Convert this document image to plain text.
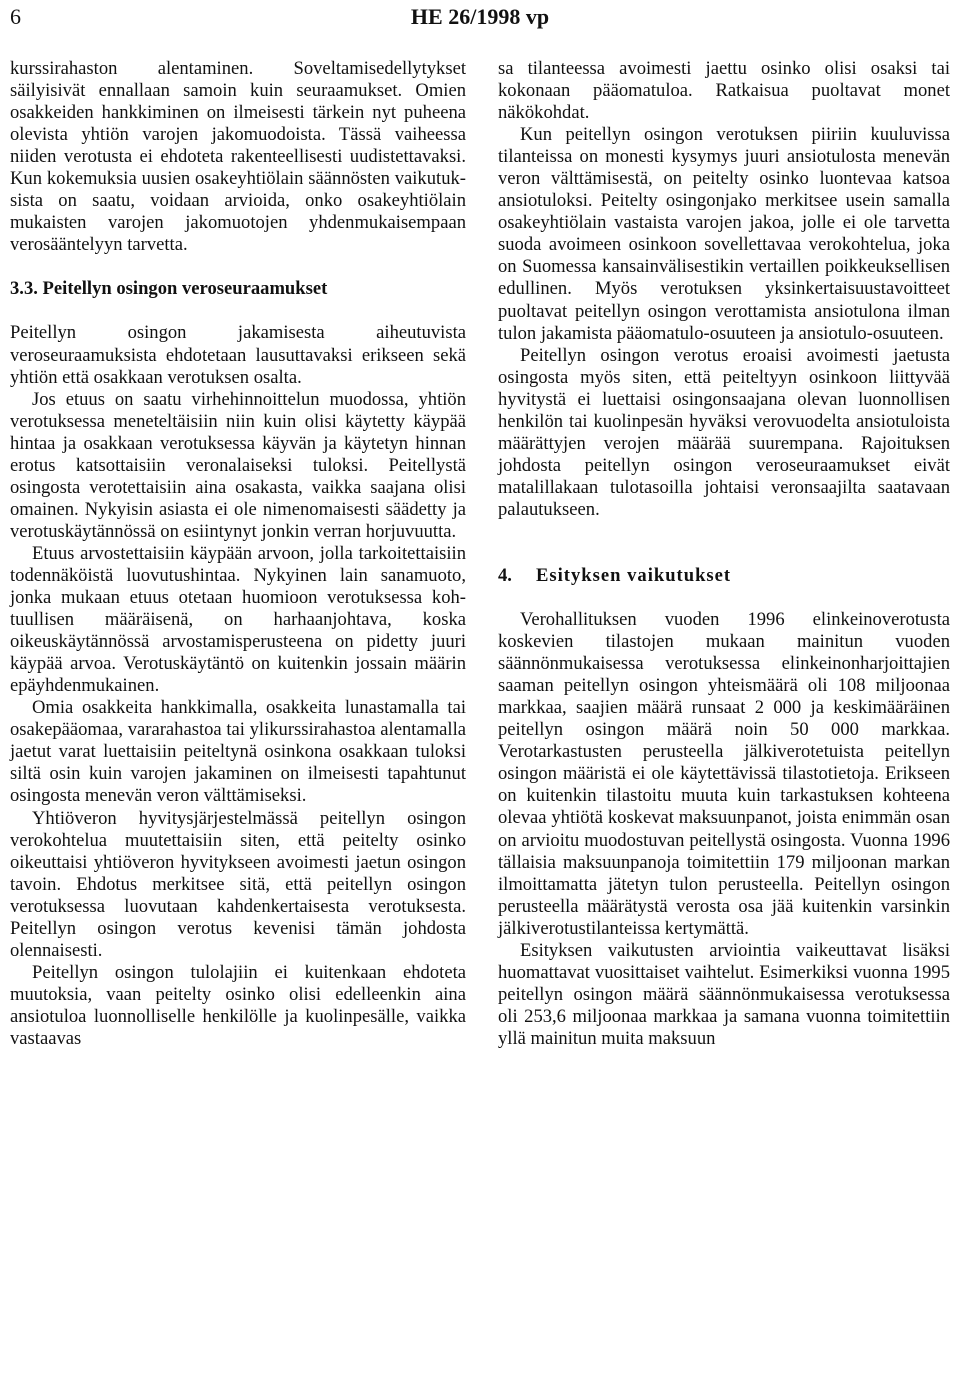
6	HE 26/1998 vp

kurssirahaston alentaminen. Soveltamisedellytykset säilyisivät ennallaan samoin kuin seuraamukset. Omien osakkeiden hankkiminen on ilmeisesti tärkein nyt puheena olevista yhtiön varojen jakomuodoista. Tässä vaiheessa niiden verotusta ei ehdoteta rakenteellisesti uudistettavaksi. Kun kokemuksia uusien osakeyhtiölain säännösten vaikutuksista on saatu, voidaan arvioida, onko osakeyhtiölain mukaisten varojen jakomuotojen yhdenmukaisempaan verosääntelyyn tarvetta.

3.3. Peitellyn osingon veroseuraamukset

Peitellyn osingon jakamisesta aiheutuvista veroseuraamuksista ehdotetaan lausuttavaksi erikseen sekä yhtiön että osakkaan verotuksen osalta.

Jos etuus on saatu virhehinnoittelun muodossa, yhtiön verotuksessa meneteltäisiin niin kuin olisi käytetty käypää hintaa ja osakkaan verotuksessa käyvän ja käytetyn hinnan erotus katsottaisiin veronalaiseksi tuloksi. Peitellystä osingosta verotettaisiin aina osakasta, vaikka saajana olisi omainen. Nykyisin asiasta ei ole nimenomaisesti säädetty ja verotuskäytännössä on esiintynyt jonkin verran horjuvuutta.

Etuus arvostettaisiin käypään arvoon, jolla tarkoitettaisiin todennäköistä luovutushintaa. Nykyinen lain sanamuoto, jonka mukaan etuus otetaan huomioon verotuksessa kohtuullisen määräisenä, on harhaanjohtava, koska oikeuskäytännössä arvostamisperusteena on pidetty juuri käypää arvoa. Verotuskäytäntö on kuitenkin jossain määrin epäyhdenmukainen.

Omia osakkeita hankkimalla, osakkeita lunastamalla tai osakepääomaa, vararahastoa tai ylikurssirahastoa alentamalla jaetut varat luettaisiin peiteltynä osinkona osakkaan tuloksi siltä osin kuin varojen jakaminen on ilmeisesti tapahtunut osingosta menevän veron välttämiseksi.

Yhtiöveron hyvitysjärjestelmässä peitellyn osingon verokohtelua muutettaisiin siten, että peitelty osinko oikeuttaisi yhtiöveron hyvitykseen avoimesti jaetun osingon tavoin. Ehdotus merkitsee sitä, että peitellyn osingon verotuksessa luovutaan kahdenkertaisesta verotuksesta. Peitellyn osingon verotus kevenisi tämän johdosta olennaisesti.

Peitellyn osingon tulolajiin ei kuitenkaan ehdoteta muutoksia, vaan peitelty osinko olisi edelleenkin aina ansiotuloa luonnolliselle henkilölle ja kuolinpesälle, vaikka vastaavas

sa tilanteessa avoimesti jaettu osinko olisi osaksi tai kokonaan pääomatuloa. Ratkaisua puoltavat monet näkökohdat.

Kun peitellyn osingon verotuksen piiriin kuuluvissa tilanteissa on monesti kysymys juuri ansiotulosta menevän veron välttämisestä, on peitelty osinko luontevaa katsoa ansiotuloksi. Peitelty osingonjako merkitsee usein samalla osakeyhtiölain vastaista varojen jakoa, jolle ei ole tarvetta suoda avoimeen osinkoon sovellettavaa verokohtelua, joka on Suomessa kansainvälisestikin vertaillen poikkeuksellisen edullinen. Myös verotuksen yksinkertaisuustavoitteet puoltavat peitellyn osingon verottamista ansiotulona ilman tulon jakamista pääomatulo-osuuteen ja ansiotulo-osuuteen.

Peitellyn osingon verotus eroaisi avoimesti jaetusta osingosta myös siten, että peiteltyyn osinkoon liittyvää hyvitystä ei luettaisi osingonsaajana olevan luonnollisen henkilön tai kuolinpesän hyväksi verovuodelta ansiotuloista määrättyjen verojen määrää suurempana. Rajoituksen johdosta peitellyn osingon veroseuraamukset eivät matalillakaan tulotasoilla johtaisi veronsaajilta saatavaan palautukseen.

4. Esityksen vaikutukset

Verohallituksen vuoden 1996 elinkeinoverotusta koskevien tilastojen mukaan mainitun vuoden säännönmukaisessa verotuksessa elinkeinonharjoittajien saaman peitellyn osingon yhteismäärä oli 108 miljoonaa markkaa, saajien määrä runsaat 2 000 ja keskimääräinen peitellyn osingon määrä noin 50 000 markkaa. Verotarkastusten perusteella jälkiverotetuista peitellyn osingon määristä ei ole käytettävissä tilastotietoja. Erikseen on kuitenkin tilastoitu muuta kuin tarkastuksen kohteena olevaa yhtiötä koskevat maksuunpanot, joista enimmän osan on arvioitu muodostuvan peitellystä osingosta. Vuonna 1996 tällaisia maksuunpanoja toimitettiin 179 miljoonan markan ilmoittamatta jätetyn tulon perusteella. Peitellyn osingon perusteella määrätystä verosta osa jää kuitenkin varsinkin jälkiverotustilanteissa kertymättä.

Esityksen vaikutusten arviointia vaikeuttavat lisäksi huomattavat vuosittaiset vaihtelut. Esimerkiksi vuonna 1995 peitellyn osingon määrä säännönmukaisessa verotuksessa oli 253,6 miljoonaa markkaa ja samana vuonna toimitettiin yllä mainitun muita maksuun
